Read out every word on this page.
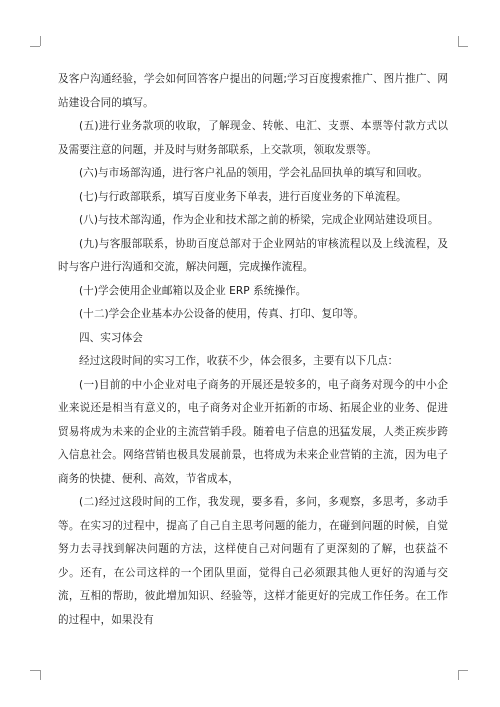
及客户沟通经验，学会如何回答客户提出的问题;学习百度搜索推广、图片推广、网站建设合同的填写。

(五)进行业务款项的收取，了解现金、转帐、电汇、支票、本票等付款方式以及需要注意的问题，并及时与财务部联系，上交款项，领取发票等。

(六)与市场部沟通，进行客户礼品的领用，学会礼品回执单的填写和回收。

(七)与行政部联系，填写百度业务下单表，进行百度业务的下单流程。

(八)与技术部沟通，作为企业和技术部之前的桥梁，完成企业网站建设项目。

(九)与客服部联系，协助百度总部对于企业网站的审核流程以及上线流程，及时与客户进行沟通和交流，解决问题，完成操作流程。

(十)学会使用企业邮箱以及企业 ERP 系统操作。

(十二)学会企业基本办公设备的使用，传真、打印、复印等。

四、实习体会

经过这段时间的实习工作，收获不少，体会很多，主要有以下几点：

(一)目前的中小企业对电子商务的开展还是较多的，电子商务对现今的中小企业来说还是相当有意义的，电子商务对企业开拓新的市场、拓展企业的业务、促进贸易将成为未来的企业的主流营销手段。随着电子信息的迅猛发展，人类正疾步跨入信息社会。网络营销也极具发展前景，也将成为未来企业营销的主流，因为电子商务的快捷、便利、高效，节省成本，

(二)经过这段时间的工作，我发现，要多看，多问，多观察，多思考，多动手等。在实习的过程中，提高了自己自主思考问题的能力，在碰到问题的时候，自觉努力去寻找到解决问题的方法，这样使自己对问题有了更深刻的了解，也获益不少。还有，在公司这样的一个团队里面，觉得自己必须跟其他人更好的沟通与交流，互相的帮助，彼此增加知识、经验等，这样才能更好的完成工作任务。在工作的过程中，如果没有
